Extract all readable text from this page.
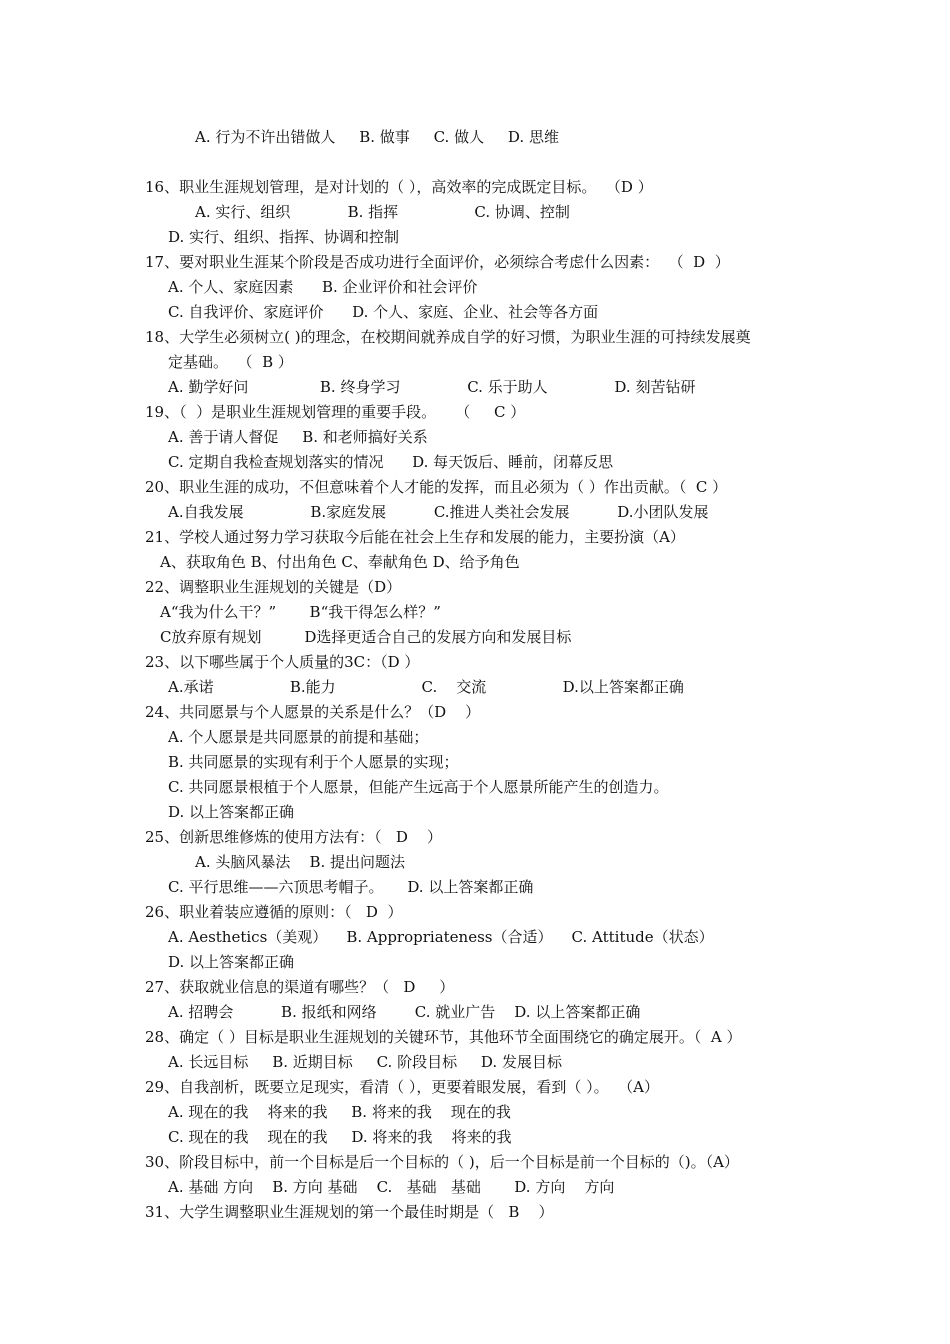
A. 行为不许出错做人     B. 做事     C. 做人     D. 思维
16、职业生涯规划管理，是对计划的（ ），高效率的完成既定目标。  （D ）
A. 实行、组织            B. 指挥                C. 协调、控制
D. 实行、组织、指挥、协调和控制
17、要对职业生涯某个阶段是否成功进行全面评价，必须综合考虑什么因素：  （  D  ）
A. 个人、家庭因素      B. 企业评价和社会评价
C. 自我评价、家庭评价      D. 个人、家庭、企业、社会等各方面
18、大学生必须树立( )的理念，在校期间就养成自学的好习惯，为职业生涯的可持续发展奠
定基础。  （  B ）
A. 勤学好问               B. 终身学习              C. 乐于助人              D. 刻苦钻研
19、（  ）是职业生涯规划管理的重要手段。    （     C ）
A. 善于请人督促     B. 和老师搞好关系
C. 定期自我检查规划落实的情况      D. 每天饭后、睡前，闭幕反思
20、职业生涯的成功，不但意味着个人才能的发挥，而且必须为（ ）作出贡献。（  C ）
A.自我发展              B.家庭发展          C.推进人类社会发展          D.小团队发展
21、学校人通过努力学习获取今后能在社会上生存和发展的能力，主要扮演（A）
A、获取角色 B、付出角色 C、奉献角色 D、给予角色
22、调整职业生涯规划的关键是（D）
A“我为什么干？”       B“我干得怎么样？”
C放弃原有规划         D选择更适合自己的发展方向和发展目标
23、以下哪些属于个人质量的3C：（D ）
A.承诺                B.能力                  C.    交流                D.以上答案都正确
24、共同愿景与个人愿景的关系是什么？（D    ）
A. 个人愿景是共同愿景的前提和基础；
B. 共同愿景的实现有利于个人愿景的实现；
C. 共同愿景根植于个人愿景，但能产生远高于个人愿景所能产生的创造力。
D. 以上答案都正确
25、创新思维修炼的使用方法有：（   D    ）
A. 头脑风暴法    B. 提出问题法
C. 平行思维——六顶思考帽子。     D. 以上答案都正确
26、职业着装应遵循的原则：（   D  ）
A. Aesthetics（美观）    B. Appropriateness（合适）    C. Attitude（状态）
D. 以上答案都正确
27、获取就业信息的渠道有哪些？（   D     ）
A. 招聘会          B. 报纸和网络        C. 就业广告    D. 以上答案都正确
28、确定（ ）目标是职业生涯规划的关键环节，其他环节全面围绕它的确定展开。（  A ）
A. 长远目标     B. 近期目标     C. 阶段目标     D. 发展目标
29、自我剖析，既要立足现实，看清（ ），更要着眼发展，看到（ ）。  （A）
A. 现在的我    将来的我     B. 将来的我    现在的我
C. 现在的我    现在的我     D. 将来的我    将来的我
30、阶段目标中，前一个目标是后一个目标的（ )，后一个目标是前一个目标的（)。（A）
A. 基础 方向    B. 方向 基础    C.   基础   基础       D. 方向    方向
31、大学生调整职业生涯规划的第一个最佳时期是（   B    ）
